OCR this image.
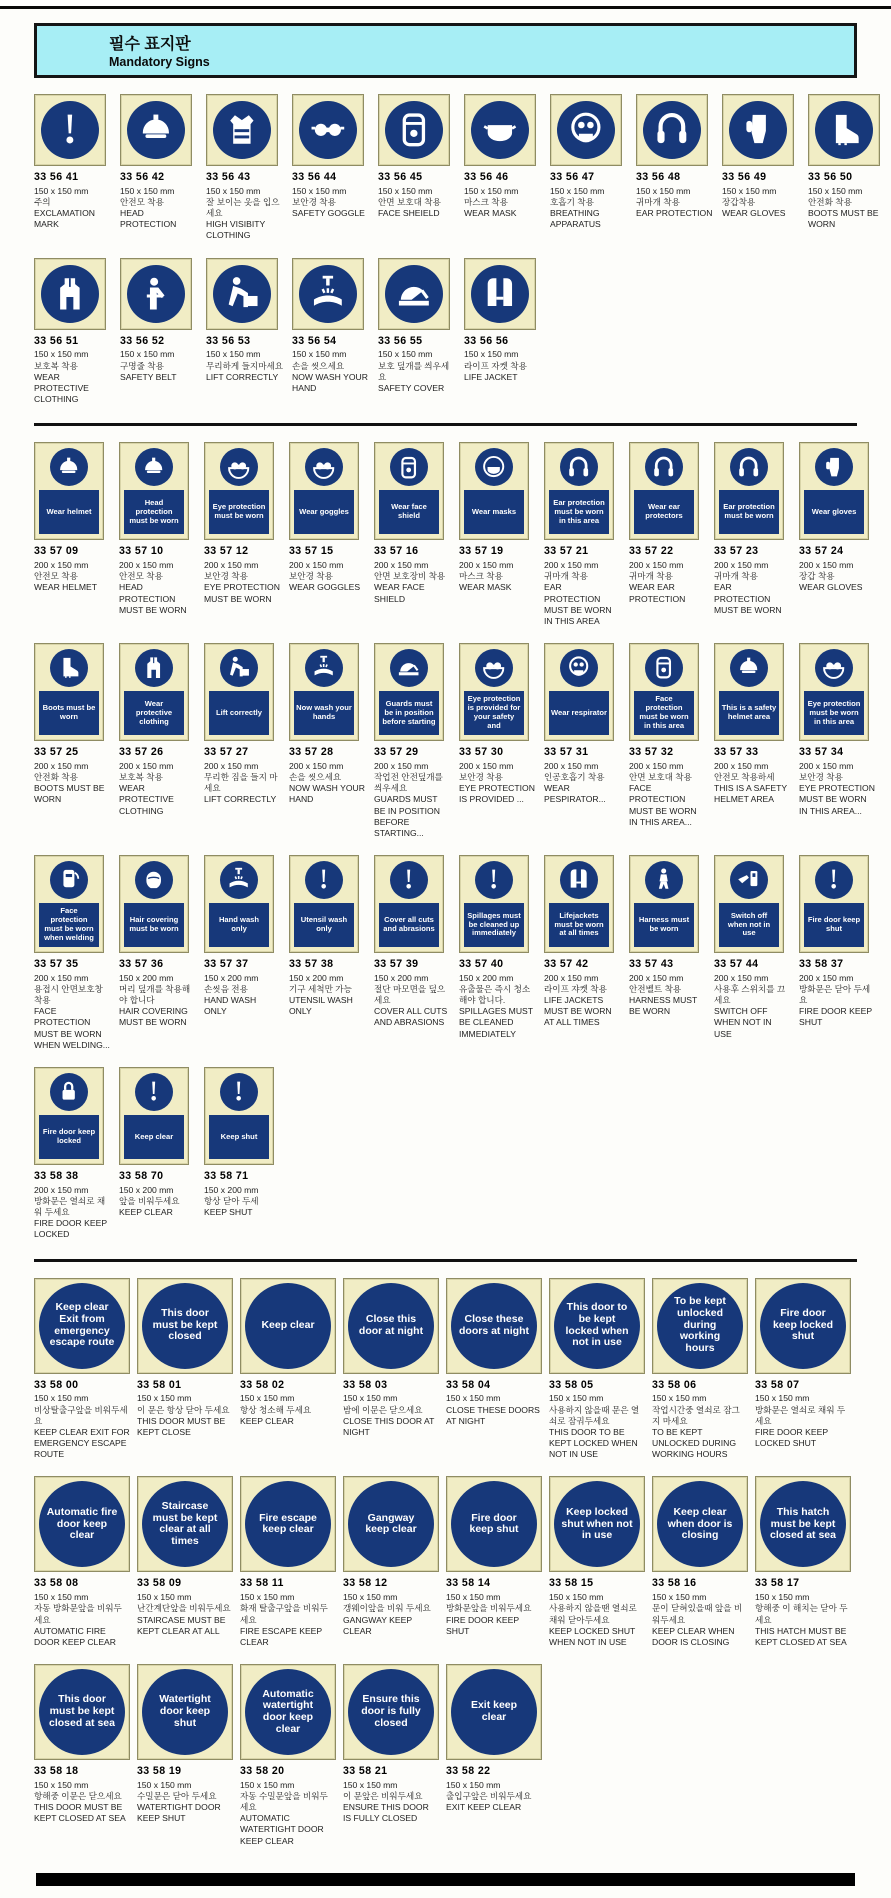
필수 표지판
Mandatory Signs
33 56 41
150 x 150 mm
주의
EXCLAMATION MARK
33 56 42
150 x 150 mm
안전모 착용
HEAD PROTECTION
33 56 43
150 x 150 mm
잘 보이는 옷을 입으세요
HIGH VISIBITY CLOTHING
33 56 44
150 x 150 mm
보안경 착용
SAFETY GOGGLE
33 56 45
150 x 150 mm
안면 보호대 착용
FACE SHEIELD
33 56 46
150 x 150 mm
마스크 착용
WEAR MASK
33 56 47
150 x 150 mm
호흡기 착용
BREATHING APPARATUS
33 56 48
150 x 150 mm
귀마개 착용
EAR PROTECTION
33 56 49
150 x 150 mm
장갑착용
WEAR GLOVES
33 56 50
150 x 150 mm
안전화 착용
BOOTS MUST BE WORN
33 56 51
150 x 150 mm
보호복 착용
WEAR PROTECTIVE CLOTHING
33 56 52
150 x 150 mm
구명줄 착용
SAFETY BELT
33 56 53
150 x 150 mm
무리하게 들지마세요
LIFT CORRECTLY
33 56 54
150 x 150 mm
손을 씻으세요
NOW WASH YOUR HAND
33 56 55
150 x 150 mm
보호 덮개를 씌우세요
SAFETY COVER
33 56 56
150 x 150 mm
라이프 자켓 착용
LIFE JACKET
Wear helmet
33 57 09
200 x 150 mm
안전모 착용
WEAR HELMET
Head protection must be worn
33 57 10
200 x 150 mm
안전모 착용
HEAD PROTECTION MUST BE WORN
Eye protection must be worn
33 57 12
200 x 150 mm
보안경 착용
EYE PROTECTION MUST BE WORN
Wear goggles
33 57 15
200 x 150 mm
보안경 착용
WEAR GOGGLES
Wear face shield
33 57 16
200 x 150 mm
안면 보호장비 착용
WEAR FACE SHIELD
Wear masks
33 57 19
200 x 150 mm
마스크 착용
WEAR MASK
Ear protection must be worn in this area
33 57 21
200 x 150 mm
귀마개 착용
EAR PROTECTION MUST BE WORN IN THIS AREA
Wear ear protectors
33 57 22
200 x 150 mm
귀마개 착용
WEAR EAR PROTECTION
Ear protection must be worn
33 57 23
200 x 150 mm
귀마개 착용
EAR PROTECTION MUST BE WORN
Wear gloves
33 57 24
200 x 150 mm
장갑 착용
WEAR GLOVES
Boots must be worn
33 57 25
200 x 150 mm
안전화 착용
BOOTS MUST BE WORN
Wear protective clothing
33 57 26
200 x 150 mm
보호복 착용
WEAR PROTECTIVE CLOTHING
Lift correctly
33 57 27
200 x 150 mm
무리한 짐을 들지 마세요
LIFT CORRECTLY
Now wash your hands
33 57 28
200 x 150 mm
손을 씻으세요
NOW WASH YOUR HAND
Guards must be in position before starting
33 57 29
200 x 150 mm
작업전 안전덮개를 씌우세요
GUARDS MUST BE IN POSITION BEFORE STARTING...
Eye protection is provided for your safety and
33 57 30
200 x 150 mm
보안경 착용
EYE PROTECTION IS PROVIDED ...
Wear respirator
33 57 31
200 x 150 mm
인공호흡기 착용
WEAR PESPIRATOR...
Face protection must be worn in this area
33 57 32
200 x 150 mm
안면 보호대 착용
FACE PROTECTION MUST BE WORN IN THIS AREA...
This is a safety helmet area
33 57 33
200 x 150 mm
안전모 착용하세
THIS IS A SAFETY HELMET AREA
Eye protection must be worn in this area
33 57 34
200 x 150 mm
보안경 착용
EYE PROTECTION MUST BE WORN IN THIS AREA...
Face protection must be worn when welding
33 57 35
200 x 150 mm
용접시 안면보호창 착용
FACE PROTECTION MUST BE WORN WHEN WELDING...
Hair covering must be worn
33 57 36
150 x 200 mm
머리 덮개를 착용해야 합니다
HAIR COVERING MUST BE WORN
Hand wash only
33 57 37
150 x 200 mm
손씻음 전용
HAND WASH ONLY
Utensil wash only
33 57 38
150 x 200 mm
기구 세척만 가능
UTENSIL WASH ONLY
Cover all cuts and abrasions
33 57 39
150 x 200 mm
절단 마모면을 덮으세요
COVER ALL CUTS AND ABRASIONS
Spillages must be cleaned up immediately
33 57 40
150 x 200 mm
유출물은 즉시 청소해야 합니다.
SPILLAGES MUST BE CLEANED IMMEDIATELY
Lifejackets must be worn at all times
33 57 42
200 x 150 mm
라이프 쟈켓 착용
LIFE JACKETS MUST BE WORN AT ALL TIMES
Harness must be worn
33 57 43
200 x 150 mm
안전벨트 착용
HARNESS MUST BE WORN
Switch off when not in use
33 57 44
200 x 150 mm
사용후 스위치를 끄세요
SWITCH OFF WHEN NOT IN USE
Fire door keep shut
33 58 37
200 x 150 mm
방화문은 닫아 두세요
FIRE DOOR KEEP SHUT
Fire door keep locked
33 58 38
200 x 150 mm
방화문은 열쇠로 채워 두세요
FIRE DOOR KEEP LOCKED
Keep clear
33 58 70
150 x 200 mm
앞을 비워두세요
KEEP CLEAR
Keep shut
33 58 71
150 x 200 mm
항상 닫아 두세
KEEP SHUT
Keep clear Exit from emergency escape route
33 58 00
150 x 150 mm
비상탈출구앞을 비워두세요
KEEP CLEAR EXIT FOR EMERGENCY ESCAPE ROUTE
This door must be kept closed
33 58 01
150 x 150 mm
이 문은 항상 닫아 두세요
THIS DOOR MUST BE KEPT CLOSE
Keep clear
33 58 02
150 x 150 mm
항상 청소해 두세요
KEEP CLEAR
Close this door at night
33 58 03
150 x 150 mm
밤에 이문은 닫으세요
CLOSE THIS DOOR AT NIGHT
Close these doors at night
33 58 04
150 x 150 mm
CLOSE THESE DOORS AT NIGHT
This door to be kept locked when not in use
33 58 05
150 x 150 mm
사용하지 않을때 문은 열쇠로 잠궈두세요
THIS DOOR TO BE KEPT LOCKED WHEN NOT IN USE
To be kept unlocked during working hours
33 58 06
150 x 150 mm
작업시간중 열쇠로 잠그지 마세요
TO BE KEPT UNLOCKED DURING WORKING HOURS
Fire door keep locked shut
33 58 07
150 x 150 mm
방화문은 열쇠로 채워 두세요
FIRE DOOR KEEP LOCKED SHUT
Automatic fire door keep clear
33 58 08
150 x 150 mm
자동 방화문앞을 비워두세요
AUTOMATIC FIRE DOOR KEEP CLEAR
Staircase must be kept clear at all times
33 58 09
150 x 150 mm
난간계단앞을 비워두세요
STAIRCASE MUST BE KEPT CLEAR AT ALL
Fire escape keep clear
33 58 11
150 x 150 mm
화재 탈출구앞을 비워두세요
FIRE ESCAPE KEEP CLEAR
Gangway keep clear
33 58 12
150 x 150 mm
갱웨이앞을 비워 두세요
GANGWAY KEEP CLEAR
Fire door keep shut
33 58 14
150 x 150 mm
방화문앞을 비워두세요
FIRE DOOR KEEP SHUT
Keep locked shut when not in use
33 58 15
150 x 150 mm
사용하지 않을땐 열쇠로 채워 닫아두세요
KEEP LOCKED SHUT WHEN NOT IN USE
Keep clear when door is closing
33 58 16
150 x 150 mm
문이 닫혀있을때 앞을 비워두세요
KEEP CLEAR WHEN DOOR IS CLOSING
This hatch must be kept closed at sea
33 58 17
150 x 150 mm
항해중 이 해치는 닫아 두세요
THIS HATCH MUST BE KEPT CLOSED AT SEA
This door must be kept closed at sea
33 58 18
150 x 150 mm
항해중 이문은 닫으세요
THIS DOOR MUST BE KEPT CLOSED AT SEA
Watertight door keep shut
33 58 19
150 x 150 mm
수밀문은 닫아 두세요
WATERTIGHT DOOR KEEP SHUT
Automatic watertight door keep clear
33 58 20
150 x 150 mm
자동 수밀문앞을 비워두세요
AUTOMATIC WATERTIGHT DOOR KEEP CLEAR
Ensure this door is fully closed
33 58 21
150 x 150 mm
이 문앞은 비워두세요
ENSURE THIS DOOR IS FULLY CLOSED
Exit keep clear
33 58 22
150 x 150 mm
출입구앞은 비워두세요
EXIT KEEP CLEAR
